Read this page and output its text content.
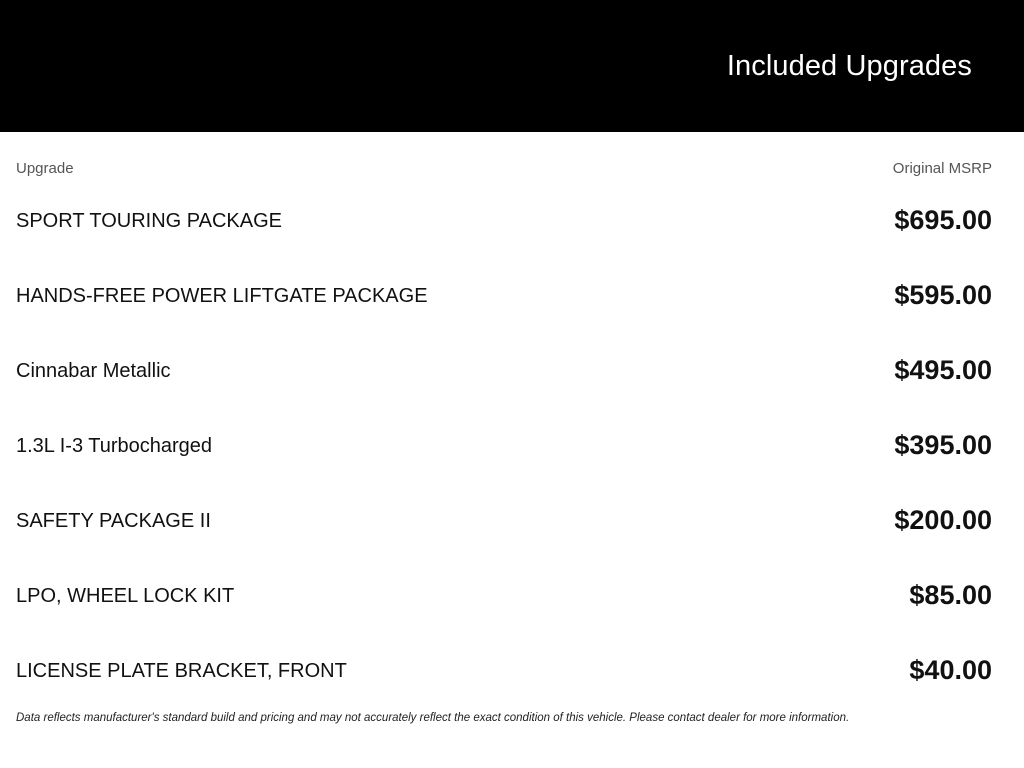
Included Upgrades
Upgrade	Original MSRP
SPORT TOURING PACKAGE	$695.00
HANDS-FREE POWER LIFTGATE PACKAGE	$595.00
Cinnabar Metallic	$495.00
1.3L I-3 Turbocharged	$395.00
SAFETY PACKAGE II	$200.00
LPO, WHEEL LOCK KIT	$85.00
LICENSE PLATE BRACKET, FRONT	$40.00
Data reflects manufacturer's standard build and pricing and may not accurately reflect the exact condition of this vehicle. Please contact dealer for more information.
